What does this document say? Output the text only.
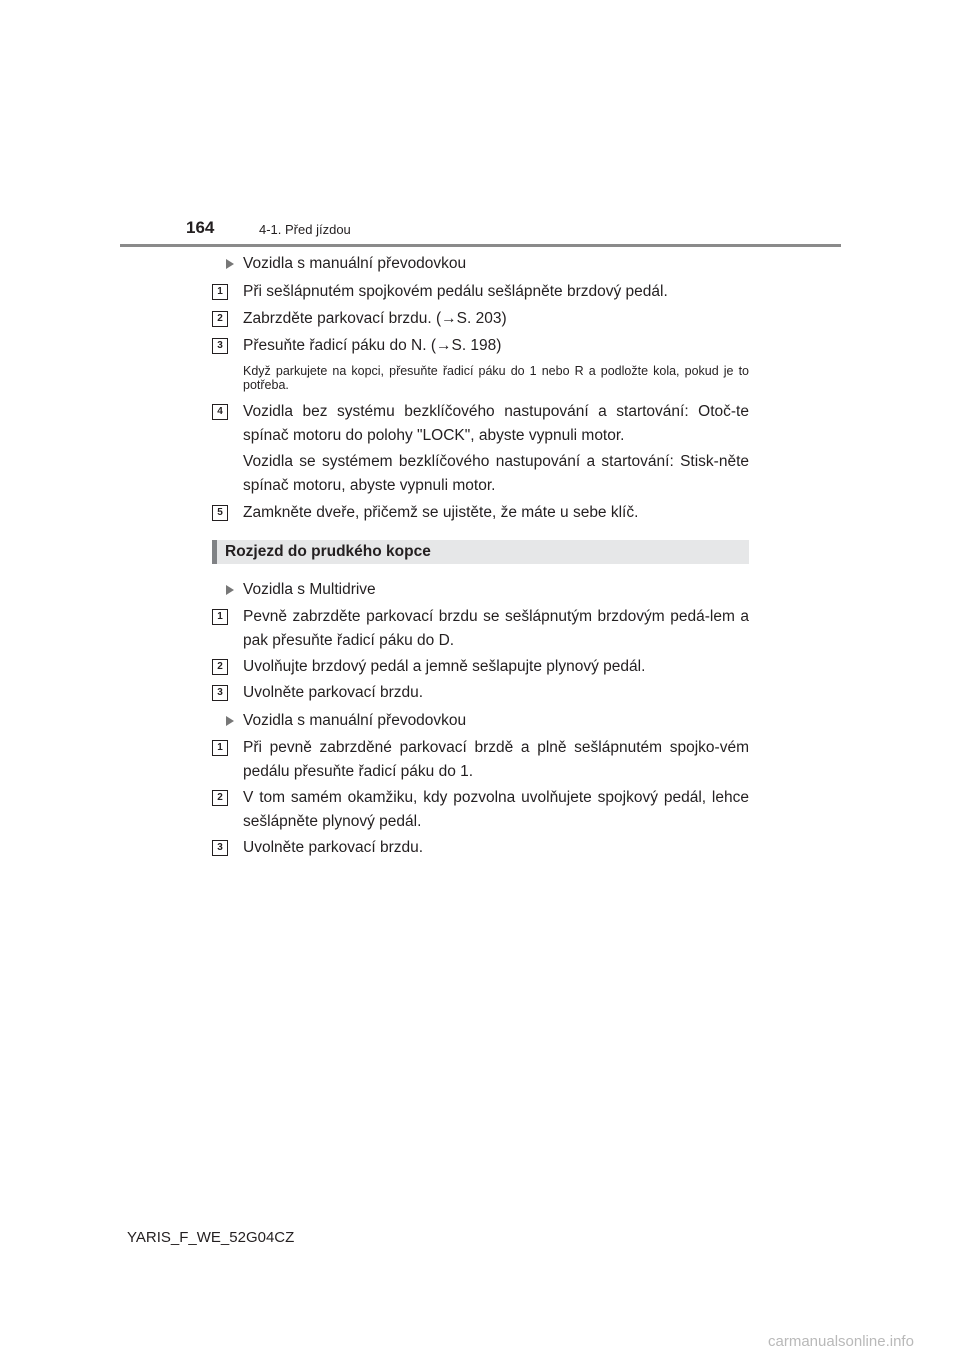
164	4-1. Před jízdou
Vozidla s manuální převodovkou
1	Při sešlápnutém spojkovém pedálu sešlápněte brzdový pedál.
2	Zabrzděte parkovací brzdu. (→S. 203)
3	Přesuňte řadicí páku do N. (→S. 198)
Když parkujete na kopci, přesuňte řadicí páku do 1 nebo R a podložte kola, pokud je to potřeba.
4	Vozidla bez systému bezklíčového nastupování a startování: Otoč-te spínač motoru do polohy "LOCK", abyste vypnuli motor.
Vozidla se systémem bezklíčového nastupování a startování: Stisk-něte spínač motoru, abyste vypnuli motor.
5	Zamkněte dveře, přičemž se ujistěte, že máte u sebe klíč.
Rozjezd do prudkého kopce
Vozidla s Multidrive
1	Pevně zabrzděte parkovací brzdu se sešlápnutým brzdovým pedá-lem a pak přesuňte řadicí páku do D.
2	Uvolňujte brzdový pedál a jemně sešlapujte plynový pedál.
3	Uvolněte parkovací brzdu.
Vozidla s manuální převodovkou
1	Při pevně zabrzděné parkovací brzdě a plně sešlápnutém spojko-vém pedálu přesuňte řadicí páku do 1.
2	V tom samém okamžiku, kdy pozvolna uvolňujete spojkový pedál, lehce sešlápněte plynový pedál.
3	Uvolněte parkovací brzdu.
YARIS_F_WE_52G04CZ
carmanualsonline.info
